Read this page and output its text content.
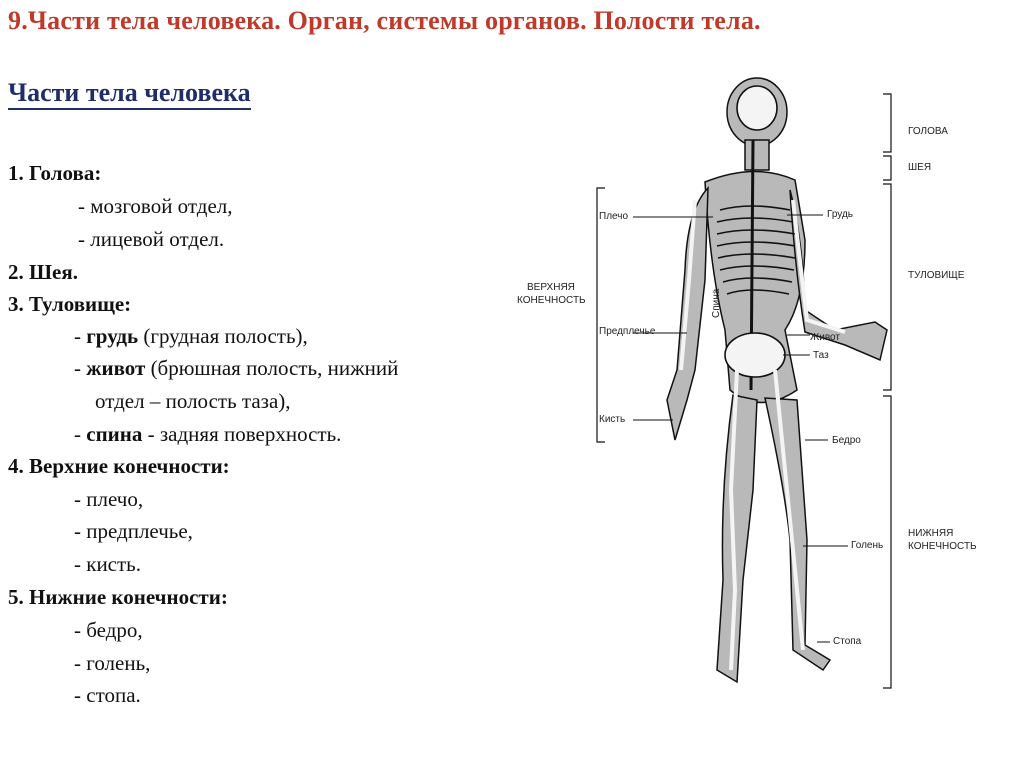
9.Части тела человека. Орган, системы органов. Полости тела.
Части тела человека
1. Голова:
- мозговой отдел,
- лицевой отдел.
2. Шея.
3. Туловище:
- грудь (грудная полость),
- живот (брюшная полость, нижний
отдел – полость таза),
- спина - задняя поверхность.
4. Верхние конечности:
- плечо,
- предплечье,
- кисть.
5. Нижние конечности:
- бедро,
- голень,
- стопа.
ГОЛОВА
ШЕЯ
ТУЛОВИЩЕ
НИЖНЯЯ
КОНЕЧНОСТЬ
ВЕРХНЯЯ
КОНЕЧНОСТЬ
Плечо
Предплечье
Кисть
Грудь
Живот
Таз
Бедро
Голень
Стопа
Спина
